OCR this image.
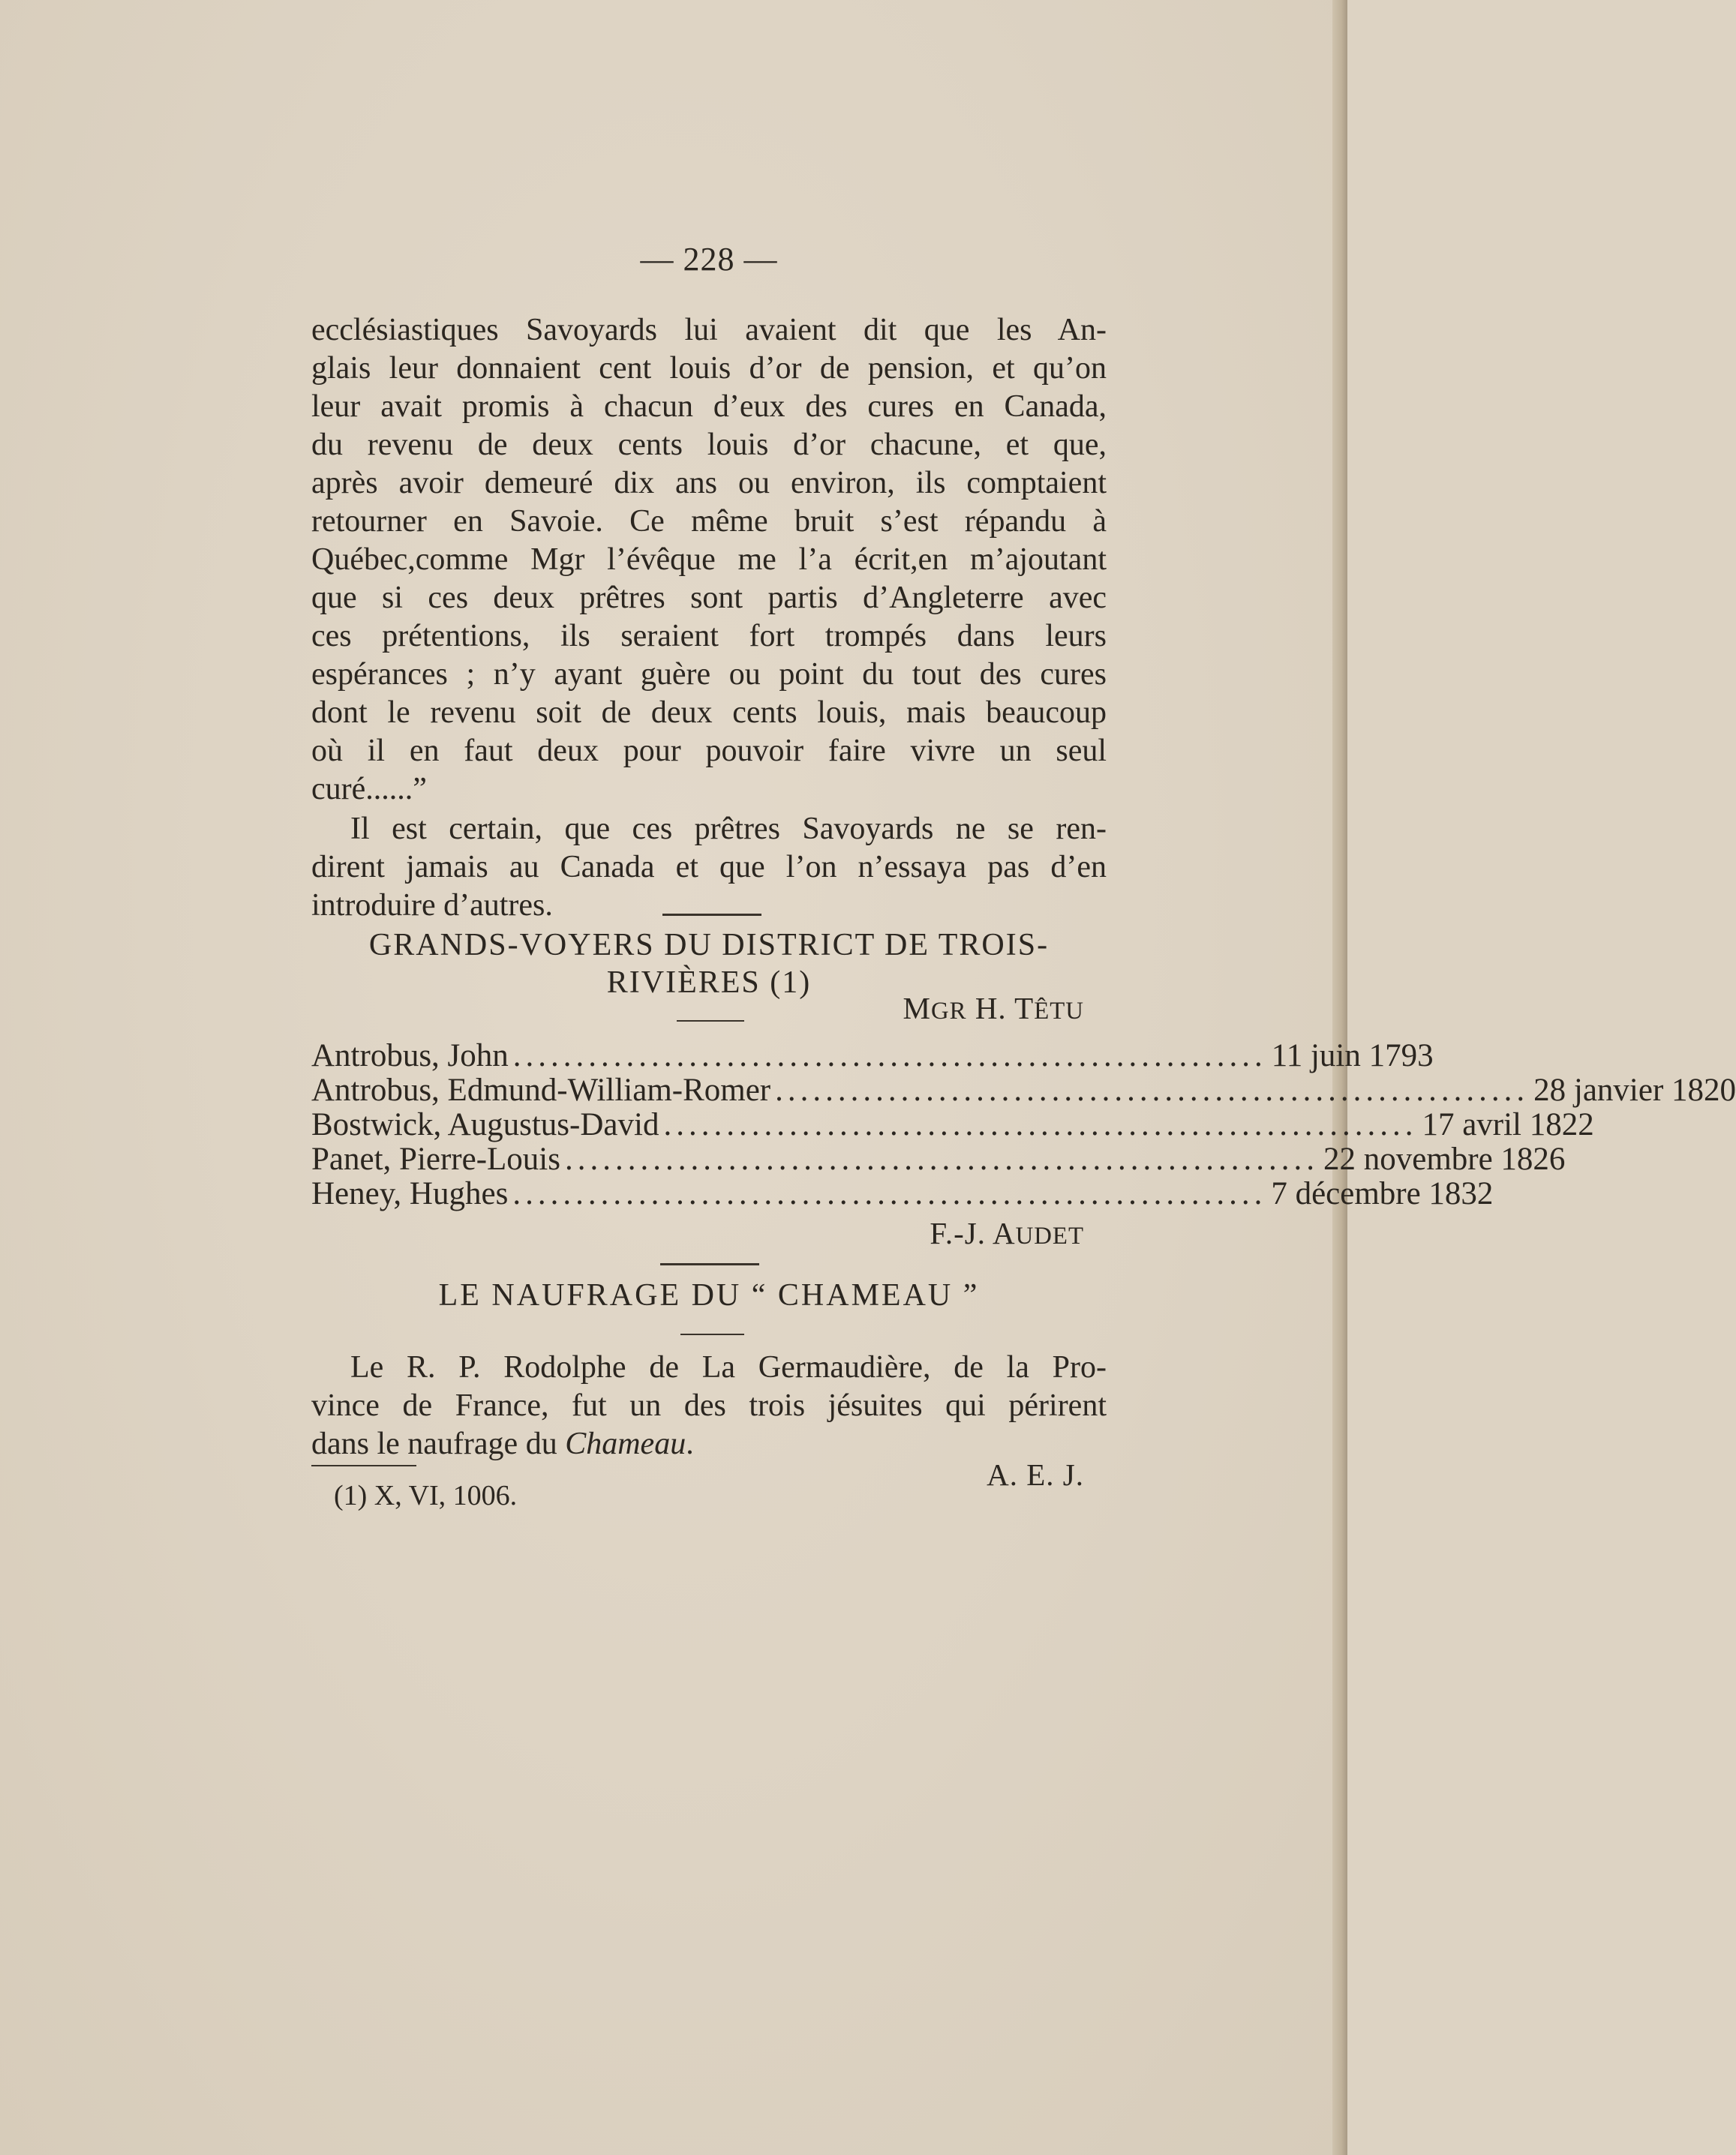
— 228 —
ecclésiastiques Savoyards lui avaient dit que les An-
glais leur donnaient cent louis d’or de pension, et qu’on
leur avait promis à chacun d’eux des cures en Canada,
du revenu de deux cents louis d’or chacune, et que,
après avoir demeuré dix ans ou environ, ils comptaient
retourner en Savoie. Ce même bruit s’est répandu à
Québec,comme Mgr l’évêque me l’a écrit,en m’ajoutant
que si ces deux prêtres sont partis d’Angleterre avec
ces prétentions, ils seraient fort trompés dans leurs
espérances ; n’y ayant guère ou point du tout des cures
dont le revenu soit de deux cents louis, mais beaucoup
où il en faut deux pour pouvoir faire vivre un seul
curé......”
Il est certain, que ces prêtres Savoyards ne se ren-
dirent jamais au Canada et que l’on n’essaya pas d’en
introduire d’autres.
MGR H. TÊTU
GRANDS-VOYERS DU DISTRICT DE TROIS-
RIVIÈRES (1)
Antrobus, John ............................................................ 11 juin 1793
Antrobus, Edmund-William-Romer ............................................................ 28 janvier 1820
Bostwick, Augustus-David ............................................................ 17 avril 1822
Panet, Pierre-Louis ............................................................ 22 novembre 1826
Heney, Hughes ............................................................ 7 décembre 1832
F.-J. AUDET
LE NAUFRAGE DU “ CHAMEAU ”
Le R. P. Rodolphe de La Germaudière, de la Pro-
vince de France, fut un des trois jésuites qui périrent
dans le naufrage du Chameau.
A. E. J.
(1) X, VI, 1006.
